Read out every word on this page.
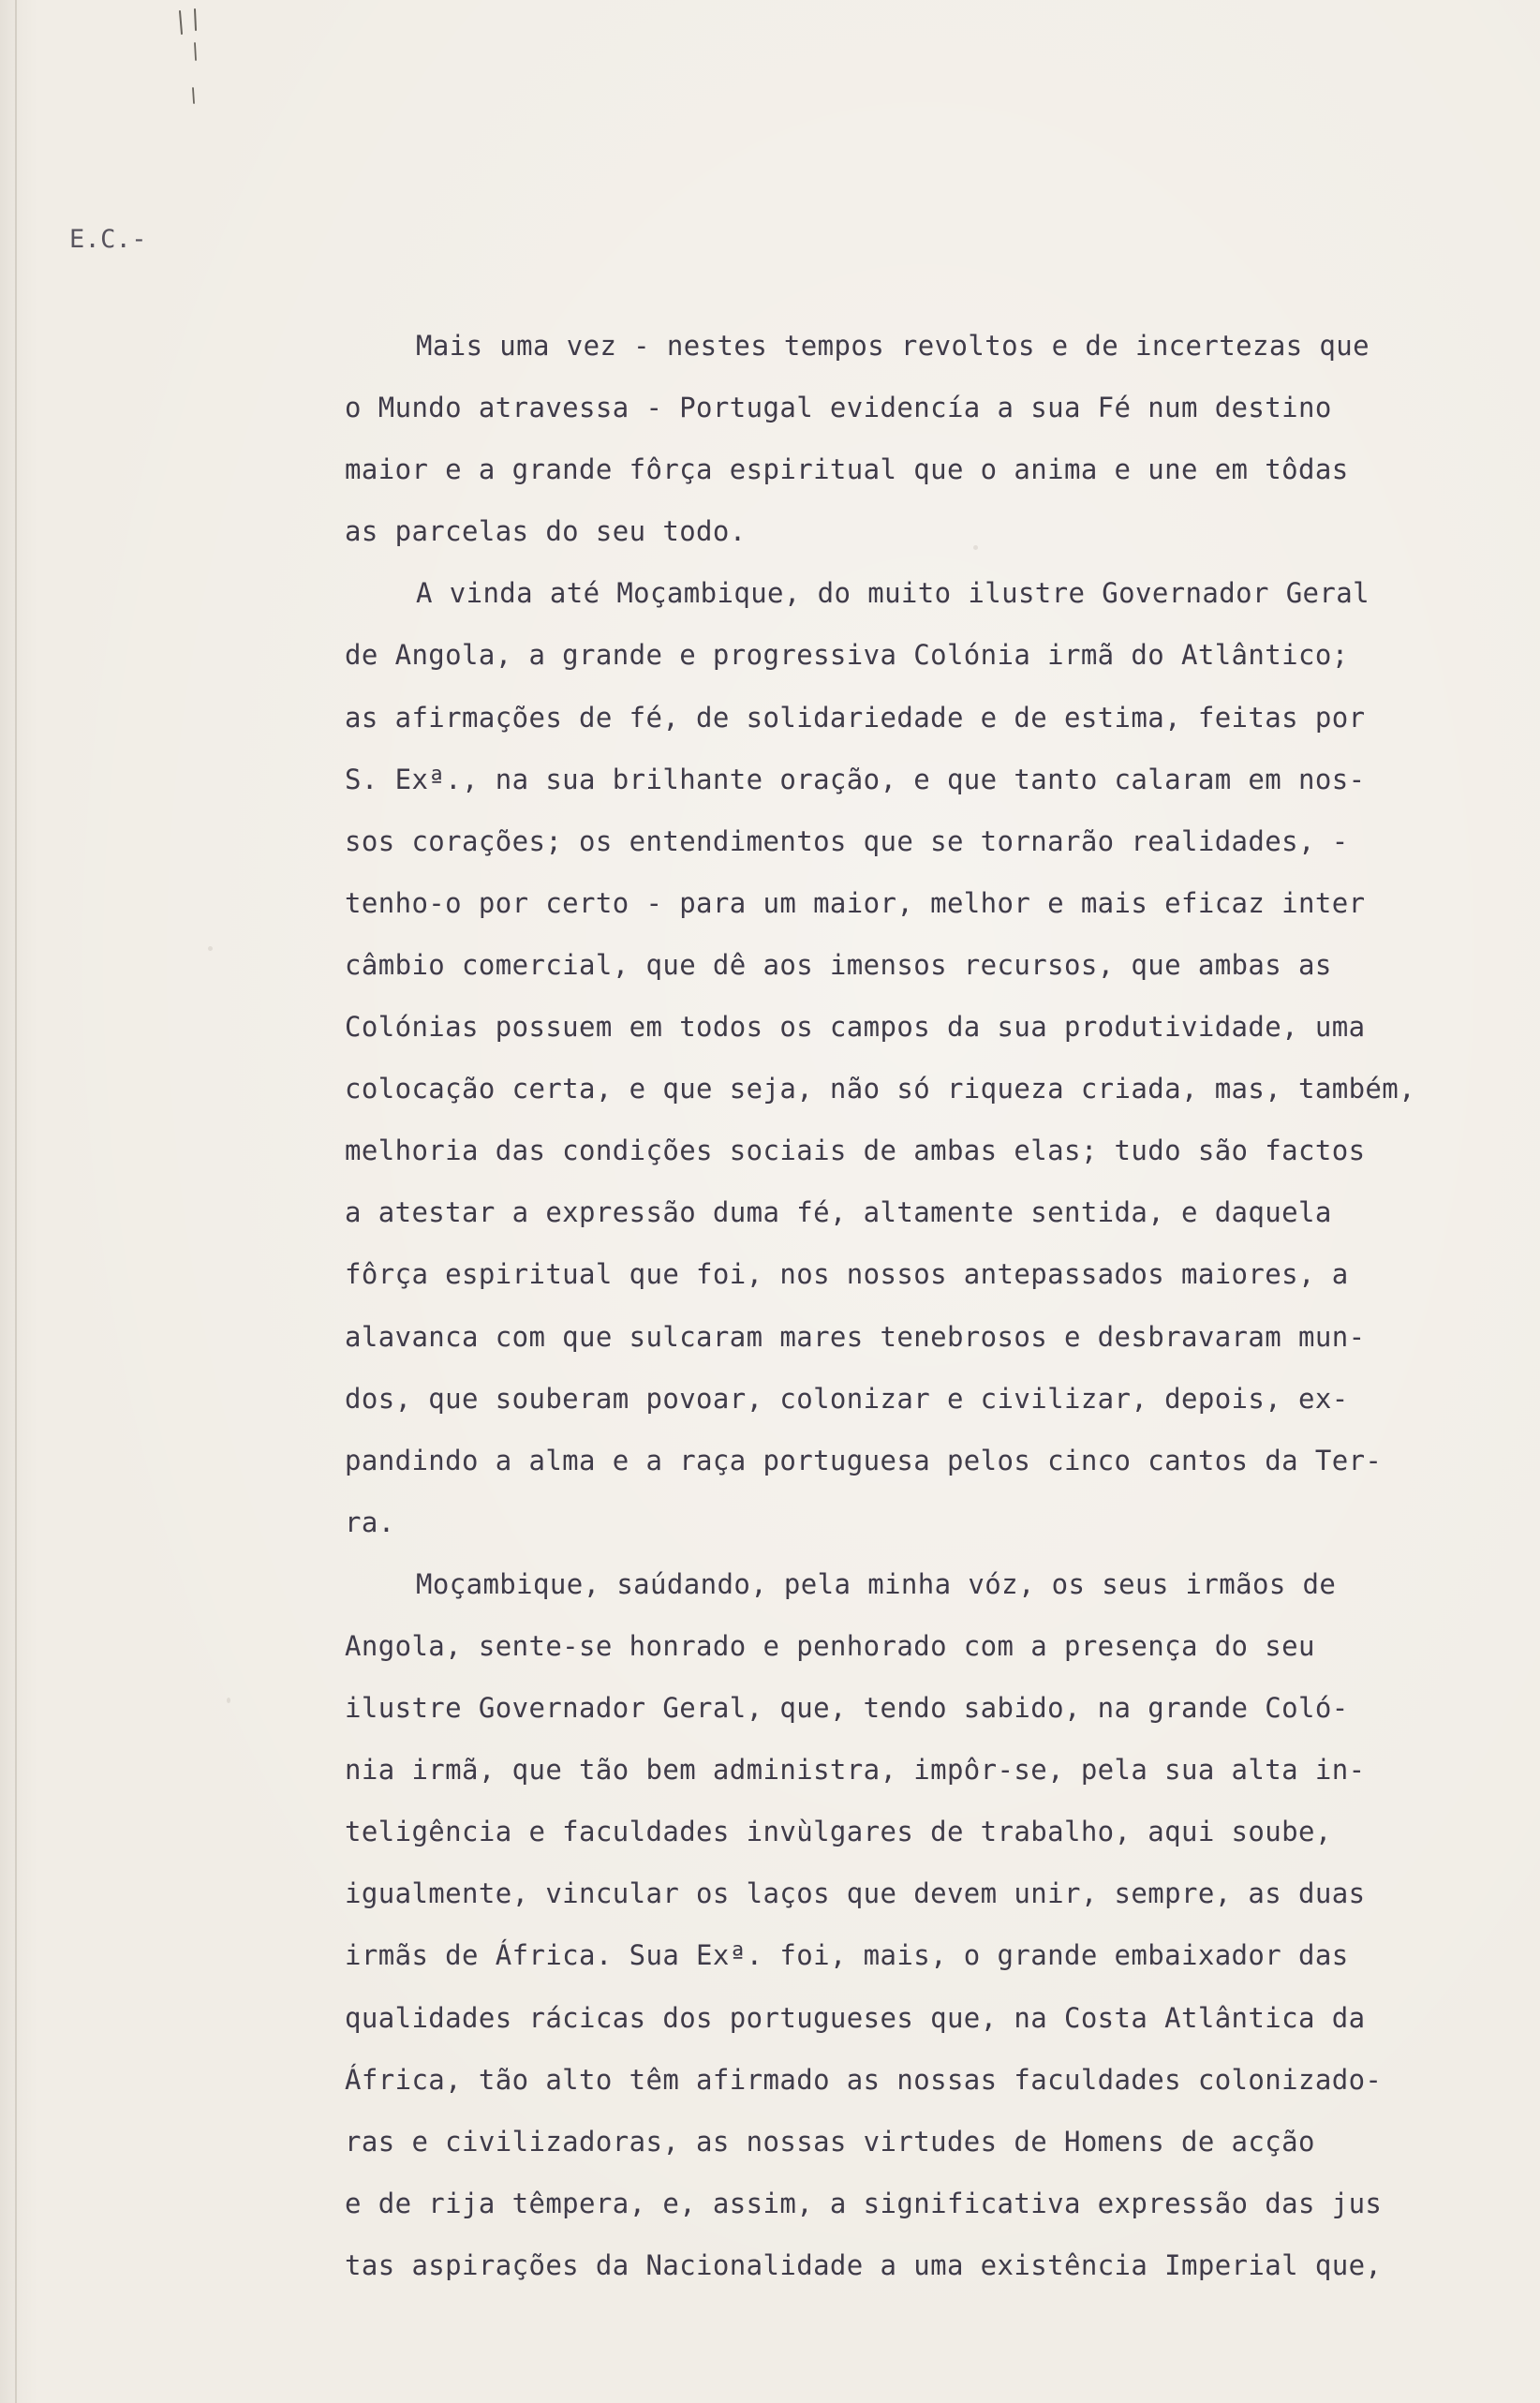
E.C.-
Mais uma vez - nestes tempos revoltos e de incertezas que
o Mundo atravessa - Portugal evidencía a sua Fé num destino
maior e a grande fôrça espiritual que o anima e une em tôdas
as parcelas do seu todo.
A vinda até Moçambique, do muito ilustre Governador Geral
de Angola, a grande e progressiva Colónia irmã do Atlântico;
as afirmações de fé, de solidariedade e de estima, feitas por
S. Exª., na sua brilhante oração, e que tanto calaram em nos-
sos corações; os entendimentos que se tornarão realidades, -
tenho-o por certo - para um maior, melhor e mais eficaz inter
câmbio comercial, que dê aos imensos recursos, que ambas as
Colónias possuem em todos os campos da sua produtividade, uma
colocação certa, e que seja, não só riqueza criada, mas, também,
melhoria das condições sociais de ambas elas; tudo são factos
a atestar a expressão duma fé, altamente sentida, e daquela
fôrça espiritual que foi, nos nossos antepassados maiores, a
alavanca com que sulcaram mares tenebrosos e desbravaram mun-
dos, que souberam povoar, colonizar e civilizar, depois, ex-
pandindo a alma e a raça portuguesa pelos cinco cantos da Ter-
ra.
Moçambique, saúdando, pela minha vóz, os seus irmãos de
Angola, sente-se honrado e penhorado com a presença do seu
ilustre Governador Geral, que, tendo sabido, na grande Coló-
nia irmã, que tão bem administra, impôr-se, pela sua alta in-
teligência e faculdades invùlgares de trabalho, aqui soube,
igualmente, vincular os laços que devem unir, sempre, as duas
irmãs de África. Sua Exª. foi, mais, o grande embaixador das
qualidades rácicas dos portugueses que, na Costa Atlântica da
África, tão alto têm afirmado as nossas faculdades colonizado-
ras e civilizadoras, as nossas virtudes de Homens de acção
e de rija têmpera, e, assim, a significativa expressão das jus
tas aspirações da Nacionalidade a uma existência Imperial que,
